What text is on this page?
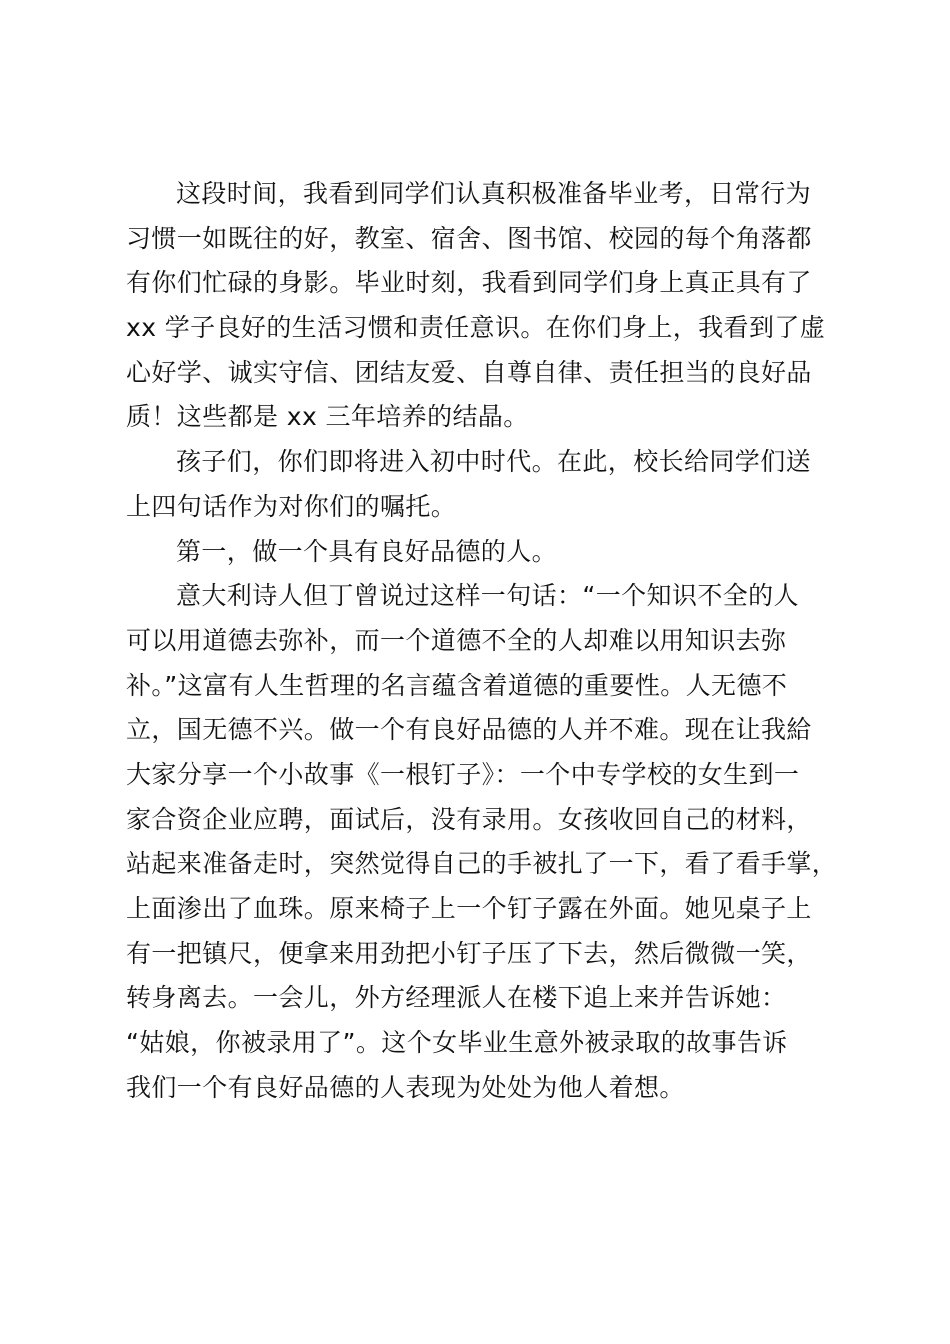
这段时间，我看到同学们认真积极准备毕业考，日常行为
习惯一如既往的好，教室、宿舍、图书馆、校园的每个角落都
有你们忙碌的身影。毕业时刻，我看到同学们身上真正具有了
xx 学子良好的生活习惯和责任意识。在你们身上，我看到了虚
心好学、诚实守信、团结友爱、自尊自律、责任担当的良好品
质！这些都是 xx 三年培养的结晶。
孩子们，你们即将进入初中时代。在此，校长给同学们送
上四句话作为对你们的嘱托。
第一，做一个具有良好品德的人。
意大利诗人但丁曾说过这样一句话：“一个知识不全的人
可以用道德去弥补，而一个道德不全的人却难以用知识去弥
补。”这富有人生哲理的名言蕴含着道德的重要性。人无德不
立，国无德不兴。做一个有良好品德的人并不难。现在让我給
大家分享一个小故事《一根钉子》：一个中专学校的女生到一
家合资企业应聘，面试后，没有录用。女孩收回自己的材料，
站起来准备走时，突然觉得自己的手被扎了一下，看了看手掌，
上面渗出了血珠。原来椅子上一个钉子露在外面。她见桌子上
有一把镇尺，便拿来用劲把小钉子压了下去，然后微微一笑，
转身离去。一会儿，外方经理派人在楼下追上来并告诉她：
“姑娘，你被录用了”。这个女毕业生意外被录取的故事告诉
我们一个有良好品德的人表现为处处为他人着想。
